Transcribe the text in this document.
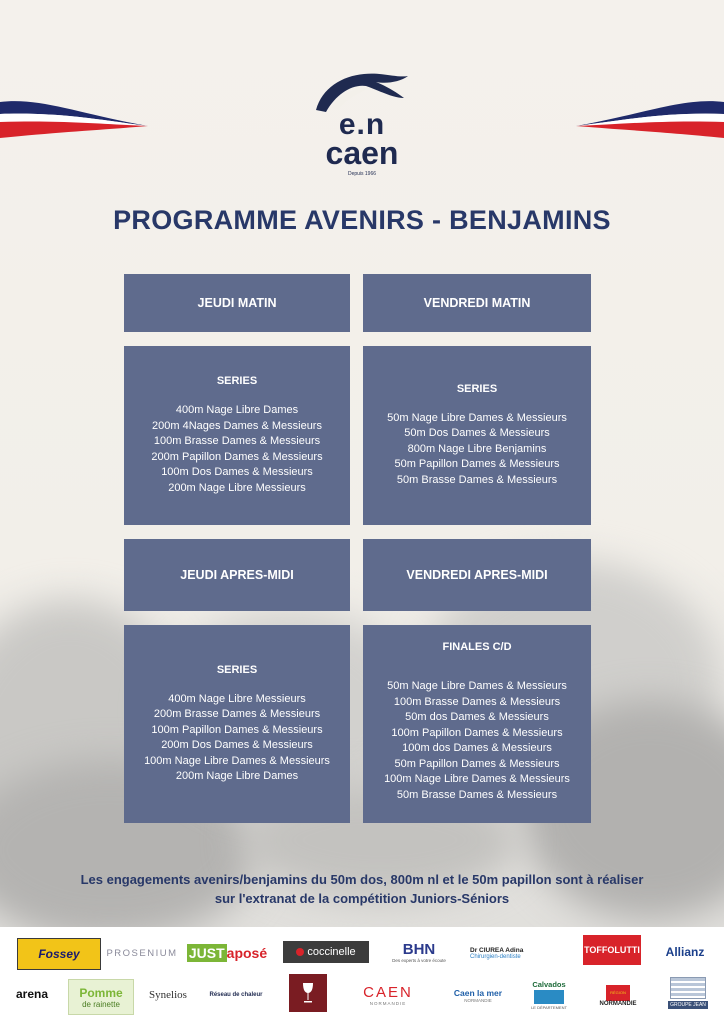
e.n
caen
Depuis 1966
PROGRAMME AVENIRS - BENJAMINS
JEUDI MATIN	VENDREDI MATIN
SERIES
400m Nage Libre Dames
200m 4Nages Dames & Messieurs
100m Brasse Dames & Messieurs
200m Papillon Dames & Messieurs
100m Dos Dames & Messieurs
200m Nage Libre Messieurs
SERIES
50m Nage Libre Dames & Messieurs
50m Dos Dames & Messieurs
800m Nage Libre Benjamins
50m Papillon Dames & Messieurs
50m Brasse Dames & Messieurs
JEUDI APRES-MIDI	VENDREDI APRES-MIDI
SERIES
400m Nage Libre Messieurs
200m Brasse Dames & Messieurs
100m Papillon Dames & Messieurs
200m Dos Dames & Messieurs
100m Nage Libre Dames & Messieurs
200m Nage Libre Dames
FINALES C/D
50m Nage Libre Dames & Messieurs
100m Brasse Dames & Messieurs
50m dos Dames & Messieurs
100m Papillon Dames & Messieurs
100m dos Dames & Messieurs
50m Papillon Dames & Messieurs
100m Nage Libre Dames & Messieurs
50m Brasse Dames & Messieurs
Les engagements avenirs/benjamins du 50m dos, 800m nl et le 50m papillon sont à réaliser
sur l'extranat de la compétition Juniors-Séniors
Fossey	PROSENIUM JUST aposé	coccinelle	BHN
Des experts à votre écoute
Dr CIUREA Adina
Chirurgien-dentiste
TOFFOLUTTI Allianz
arena	Pomme
de rainette
Synelios	Réseau de chaleur	CAEN
NORMANDIE
Caen la mer
NORMANDIE
Calvados
LE DÉPARTEMENT
RÉGION
NORMANDIE	GROUPE JEAN
